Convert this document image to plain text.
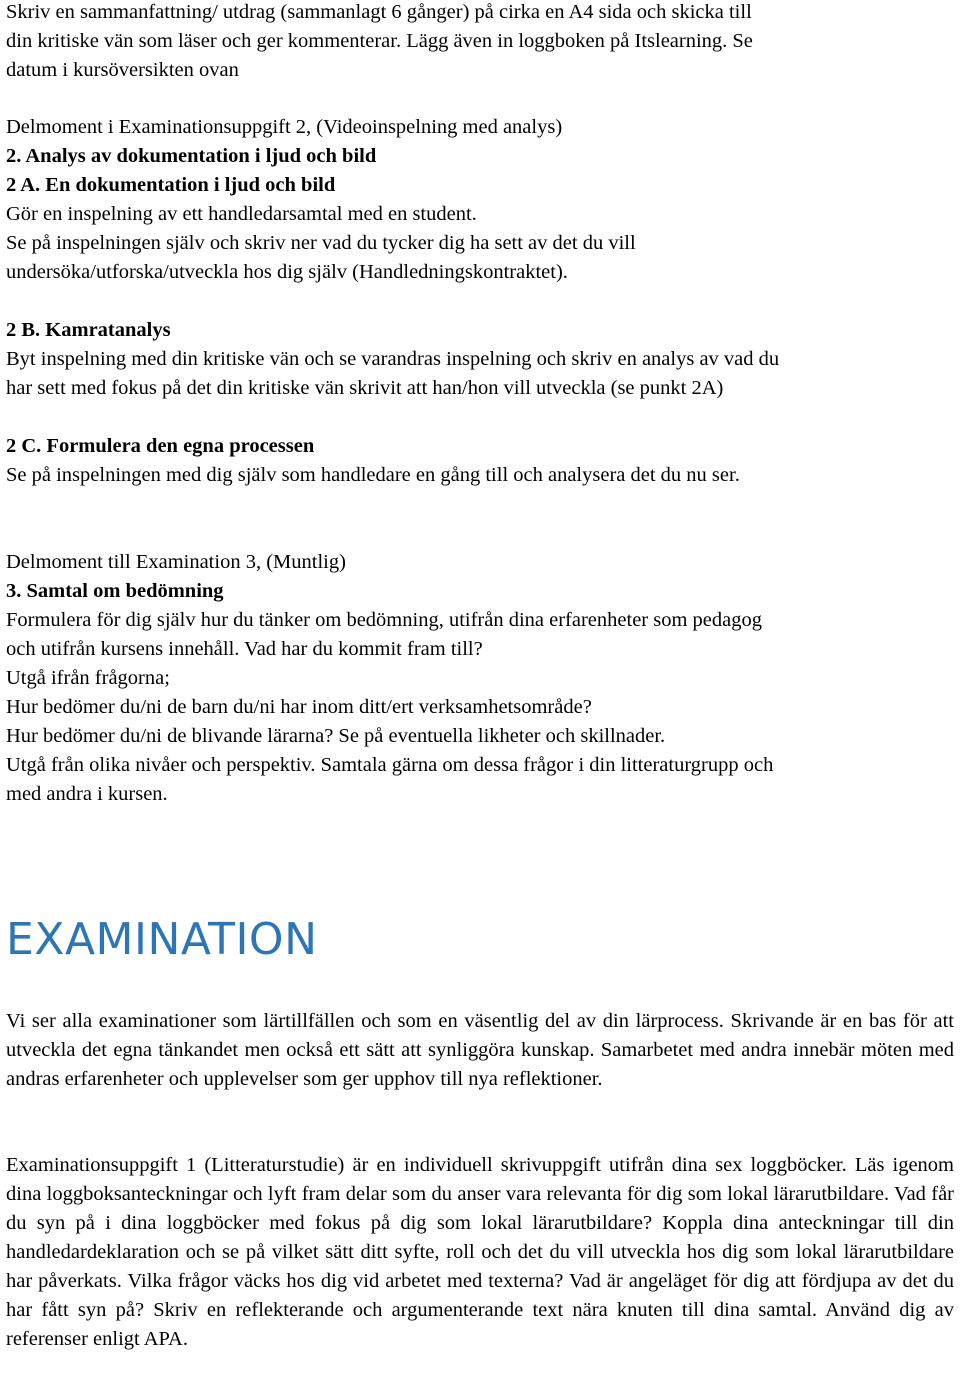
Skriv en sammanfattning/ utdrag (sammanlagt 6 gånger) på cirka en A4 sida och skicka till
din kritiske vän som läser och ger kommenterar. Lägg även in loggboken på Itslearning. Se
datum i kursöversikten ovan
Delmoment i Examinationsuppgift 2, (Videoinspelning med analys)
2. Analys av dokumentation i ljud och bild
2 A. En dokumentation i ljud och bild
Gör en inspelning av ett handledarsamtal med en student.
Se på inspelningen själv och skriv ner vad du tycker dig ha sett av det du vill
undersöka/utforska/utveckla hos dig själv (Handledningskontraktet).
2 B. Kamratanalys
Byt inspelning med din kritiske vän och se varandras inspelning och skriv en analys av vad du
har sett med fokus på det din kritiske vän skrivit att han/hon vill utveckla (se punkt 2A)
2 C. Formulera den egna processen
Se på inspelningen med dig själv som handledare en gång till och analysera det du nu ser.
Delmoment till Examination 3, (Muntlig)
3. Samtal om bedömning
Formulera för dig själv hur du tänker om bedömning, utifrån dina erfarenheter som pedagog
och utifrån kursens innehåll. Vad har du kommit fram till?
Utgå ifrån frågorna;
Hur bedömer du/ni de barn du/ni har inom ditt/ert verksamhetsområde?
Hur bedömer du/ni de blivande lärarna? Se på eventuella likheter och skillnader.
Utgå från olika nivåer och perspektiv. Samtala gärna om dessa frågor i din litteraturgrupp och
med andra i kursen.
EXAMINATION
Vi ser alla examinationer som lärtillfällen och som en väsentlig del av din lärprocess. Skrivande är en bas för att utveckla det egna tänkandet men också ett sätt att synliggöra kunskap. Samarbetet med andra innebär möten med andras erfarenheter och upplevelser som ger upphov till nya reflektioner.
Examinationsuppgift 1 (Litteraturstudie) är en individuell skrivuppgift utifrån dina sex loggböcker. Läs igenom dina loggboksanteckningar och lyft fram delar som du anser vara relevanta för dig som lokal lärarutbildare. Vad får du syn på i dina loggböcker med fokus på dig som lokal lärarutbildare? Koppla dina anteckningar till din handledardeklaration och se på vilket sätt ditt syfte, roll och det du vill utveckla hos dig som lokal lärarutbildare har påverkats. Vilka frågor väcks hos dig vid arbetet med texterna? Vad är angeläget för dig att fördjupa av det du har fått syn på? Skriv en reflekterande och argumenterande text nära knuten till dina samtal. Använd dig av referenser enligt APA.
